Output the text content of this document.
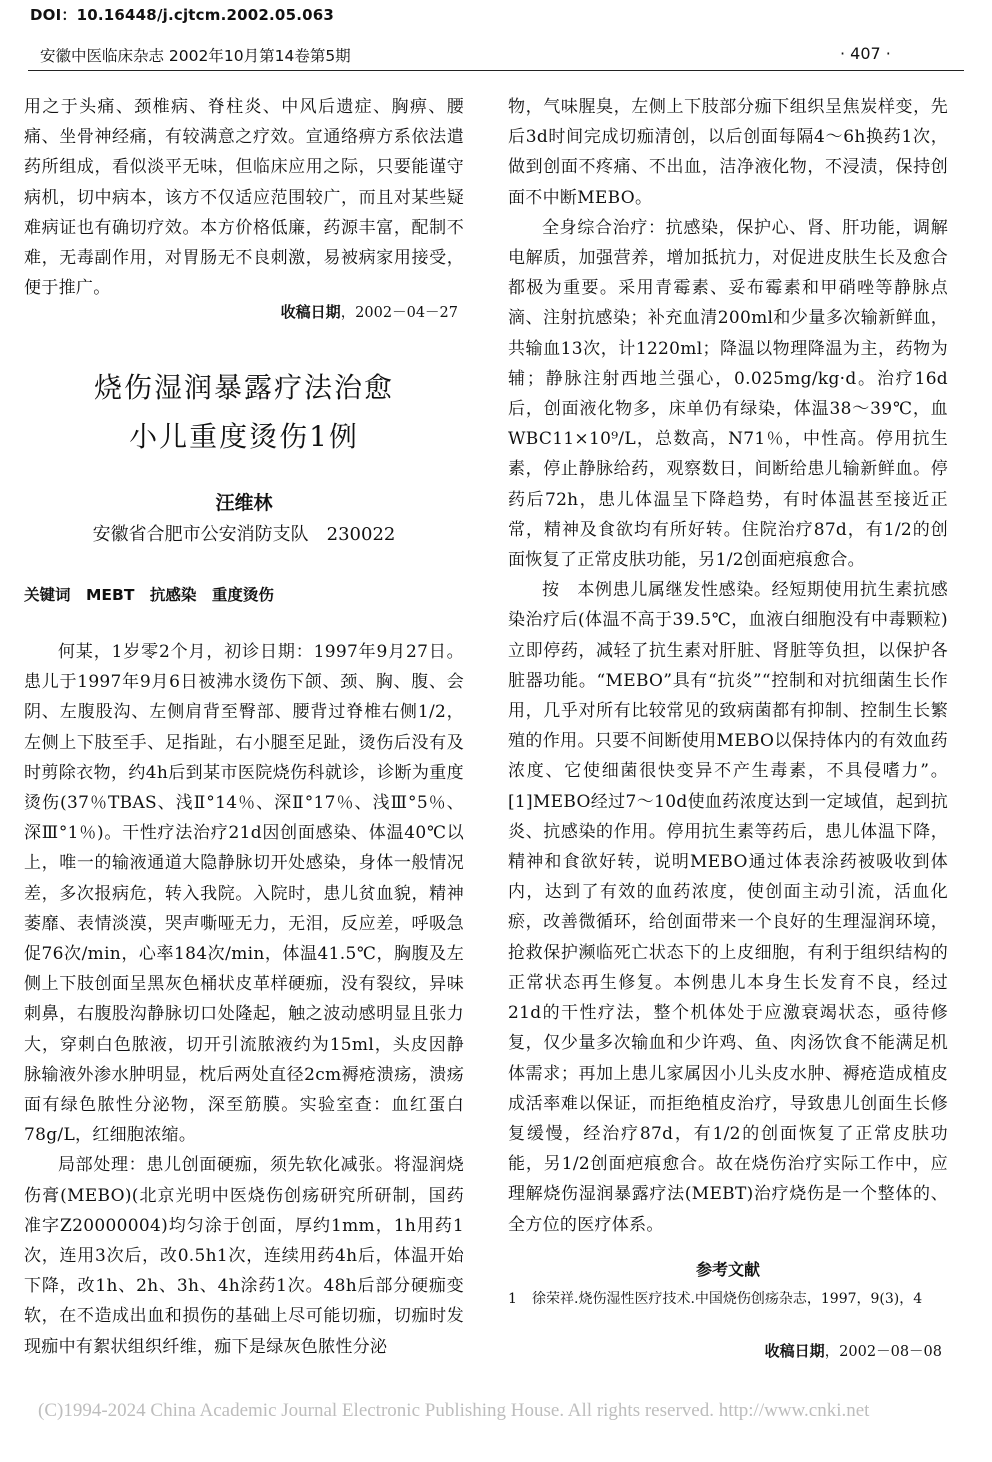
DOI：10.16448/j.cjtcm.2002.05.063
安徽中医临床杂志 2002年10月第14卷第5期	· 407 ·

用之于头痛、颈椎病、脊柱炎、中风后遗症、胸痹、腰痛、坐骨神经痛，有较满意之疗效。宣通络痹方系依法遣药所组成，看似淡平无味，但临床应用之际，只要能谨守病机，切中病本，该方不仅适应范围较广，而且对某些疑难病证也有确切疗效。本方价格低廉，药源丰富，配制不难，无毒副作用，对胃肠无不良刺激，易被病家用接受，便于推广。

收稿日期，2002－04－27
烧伤湿润暴露疗法治愈
小儿重度烫伤1例
汪维林
安徽省合肥市公安消防支队　230022
关键词　MEBT　抗感染　重度烫伤

何某，1岁零2个月，初诊日期：1997年9月27日。患儿于1997年9月6日被沸水烫伤下颌、颈、胸、腹、会阴、左腹股沟、左侧肩背至臀部、腰背过脊椎右侧1/2，左侧上下肢至手、足指趾，右小腿至足趾，烫伤后没有及时剪除衣物，约4h后到某市医院烧伤科就诊，诊断为重度烫伤(37％TBAS、浅Ⅱ°14％、深Ⅱ°17％、浅Ⅲ°5％、深Ⅲ°1％)。干性疗法治疗21d因创面感染、体温40℃以上，唯一的输液通道大隐静脉切开处感染，身体一般情况差，多次报病危，转入我院。入院时，患儿贫血貌，精神萎靡、表情淡漠，哭声嘶哑无力，无泪，反应差，呼吸急促76次/min，心率184次/min，体温41.5℃，胸腹及左侧上下肢创面呈黑灰色桶状皮革样硬痂，没有裂纹，异味刺鼻，右腹股沟静脉切口处隆起，触之波动感明显且张力大，穿刺白色脓液，切开引流脓液约为15ml，头皮因静脉输液外渗水肿明显，枕后两处直径2cm褥疮溃疡，溃疡面有绿色脓性分泌物，深至筋膜。实验室查：血红蛋白78g/L，红细胞浓缩。

局部处理：患儿创面硬痂，须先软化减张。将湿润烧伤膏(MEBO)(北京光明中医烧伤创疡研究所研制，国药准字Z20000004)均匀涂于创面，厚约1mm，1h用药1次，连用3次后，改0.5h1次，连续用药4h后，体温开始下降，改1h、2h、3h、4h涂药1次。48h后部分硬痂变软，在不造成出血和损伤的基础上尽可能切痂，切痂时发现痂中有絮状组织纤维，痂下是绿灰色脓性分泌

物，气味腥臭，左侧上下肢部分痂下组织呈焦炭样变，先后3d时间完成切痂清创，以后创面每隔4～6h换药1次，做到创面不疼痛、不出血，洁净液化物，不浸渍，保持创面不中断MEBO。

全身综合治疗：抗感染，保护心、肾、肝功能，调解电解质，加强营养，增加抵抗力，对促进皮肤生长及愈合都极为重要。采用青霉素、妥布霉素和甲硝唑等静脉点滴、注射抗感染；补充血清200ml和少量多次输新鲜血，共输血13次，计1220ml；降温以物理降温为主，药物为辅；静脉注射西地兰强心，0.025mg/kg·d。治疗16d后，创面液化物多，床单仍有绿染，体温38～39℃，血WBC11×10⁹/L，总数高，N71％，中性高。停用抗生素，停止静脉给药，观察数日，间断给患儿输新鲜血。停药后72h，患儿体温呈下降趋势，有时体温甚至接近正常，精神及食欲均有所好转。住院治疗87d，有1/2的创面恢复了正常皮肤功能，另1/2创面疤痕愈合。

按　本例患儿属继发性感染。经短期使用抗生素抗感染治疗后(体温不高于39.5℃，血液白细胞没有中毒颗粒)立即停药，减轻了抗生素对肝脏、肾脏等负担，以保护各脏器功能。“MEBO”具有“抗炎”“控制和对抗细菌生长作用，几乎对所有比较常见的致病菌都有抑制、控制生长繁殖的作用。只要不间断使用MEBO以保持体内的有效血药浓度、它使细菌很快变异不产生毒素，不具侵嗜力”。[1]MEBO经过7～10d使血药浓度达到一定域值，起到抗炎、抗感染的作用。停用抗生素等药后，患儿体温下降，精神和食欲好转，说明MEBO通过体表涂药被吸收到体内，达到了有效的血药浓度，使创面主动引流，活血化瘀，改善微循环，给创面带来一个良好的生理湿润环境，抢救保护濒临死亡状态下的上皮细胞，有利于组织结构的正常状态再生修复。本例患儿本身生长发育不良，经过21d的干性疗法，整个机体处于应激衰竭状态，亟待修复，仅少量多次输血和少许鸡、鱼、肉汤饮食不能满足机体需求；再加上患儿家属因小儿头皮水肿、褥疮造成植皮成活率难以保证，而拒绝植皮治疗，导致患儿创面生长修复缓慢，经治疗87d，有1/2的创面恢复了正常皮肤功能，另1/2创面疤痕愈合。故在烧伤治疗实际工作中，应理解烧伤湿润暴露疗法(MEBT)治疗烧伤是一个整体的、全方位的医疗体系。

参考文献
1 徐荣祥.烧伤湿性医疗技术.中国烧伤创疡杂志，1997，9(3)，4
收稿日期，2002－08－08
(C)1994-2024 China Academic Journal Electronic Publishing House. All rights reserved. http://www.cnki.net
